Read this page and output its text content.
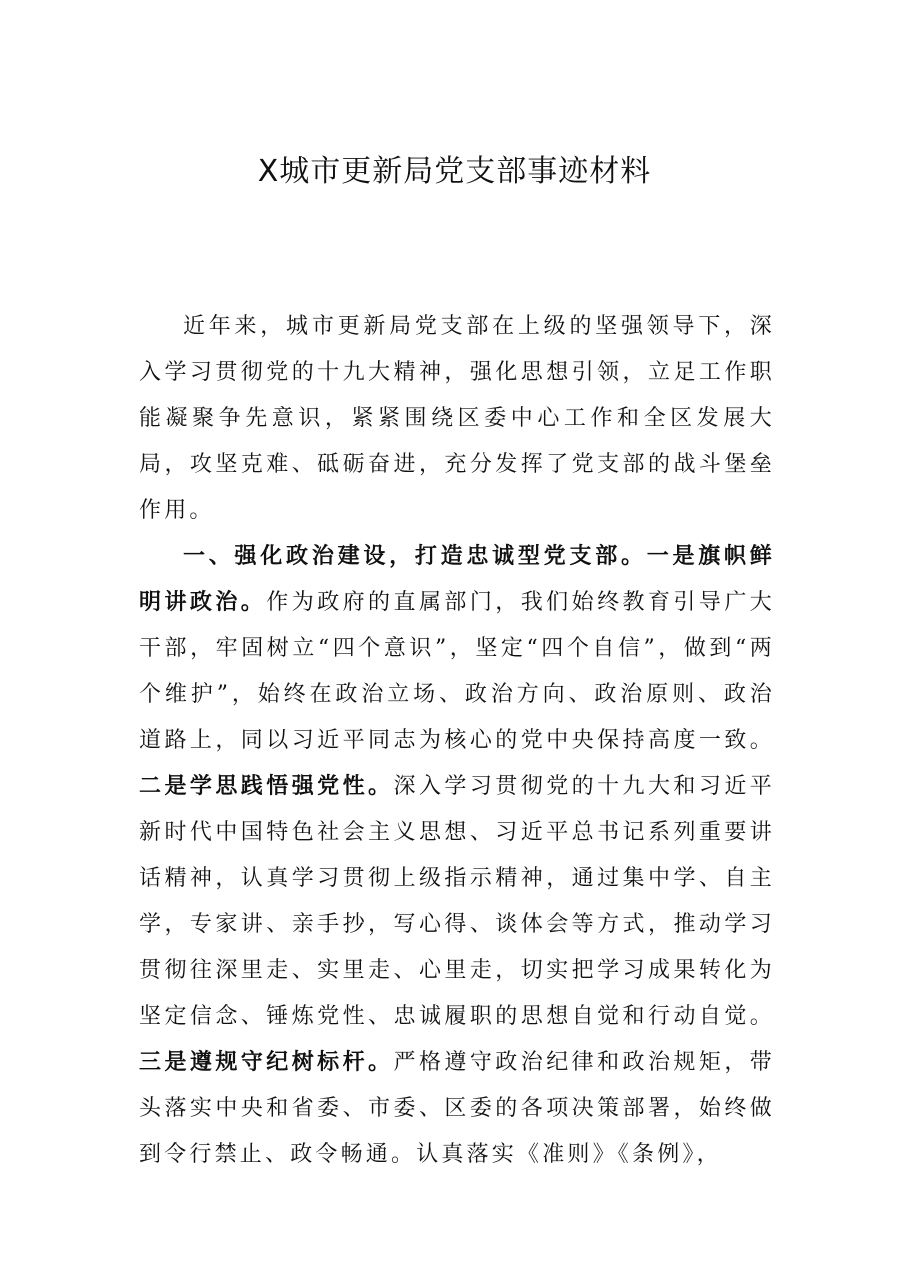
X城市更新局党支部事迹材料

近年来，城市更新局党支部在上级的坚强领导下，深入学习贯彻党的十九大精神，强化思想引领，立足工作职能凝聚争先意识，紧紧围绕区委中心工作和全区发展大局，攻坚克难、砥砺奋进，充分发挥了党支部的战斗堡垒作用。

一、强化政治建设，打造忠诚型党支部。一是旗帜鲜明讲政治。作为政府的直属部门，我们始终教育引导广大干部，牢固树立“四个意识”，坚定“四个自信”，做到“两个维护”，始终在政治立场、政治方向、政治原则、政治道路上，同以习近平同志为核心的党中央保持高度一致。二是学思践悟强党性。深入学习贯彻党的十九大和习近平新时代中国特色社会主义思想、习近平总书记系列重要讲话精神，认真学习贯彻上级指示精神，通过集中学、自主学，专家讲、亲手抄，写心得、谈体会等方式，推动学习贯彻往深里走、实里走、心里走，切实把学习成果转化为坚定信念、锤炼党性、忠诚履职的思想自觉和行动自觉。三是遵规守纪树标杆。严格遵守政治纪律和政治规矩，带头落实中央和省委、市委、区委的各项决策部署，始终做到令行禁止、政令畅通。认真落实《准则》《条例》，
